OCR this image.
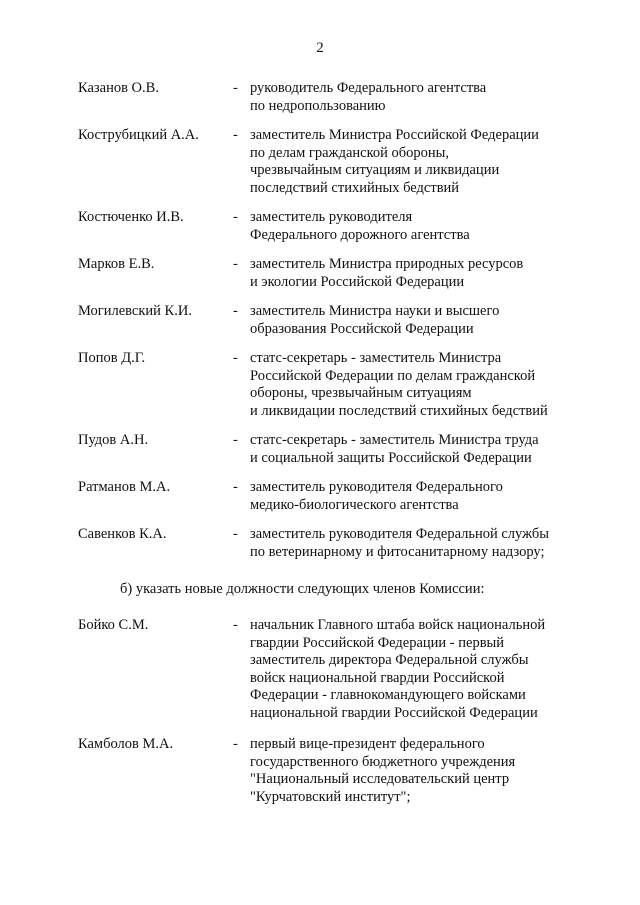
2
Казанов О.В.	- руководитель Федерального агентства
по недропользованию
Кострубицкий А.А. - заместитель Министра Российской Федерации
по делам гражданской обороны,
чрезвычайным ситуациям и ликвидации
последствий стихийных бедствий
Костюченко И.В.	- заместитель руководителя
Федерального дорожного агентства
Марков Е.В.	- заместитель Министра природных ресурсов
и экологии Российской Федерации
Могилевский К.И.	- заместитель Министра науки и высшего
образования Российской Федерации
Попов Д.Г.	- статс-секретарь - заместитель Министра
Российской Федерации по делам гражданской
обороны, чрезвычайным ситуациям
и ликвидации последствий стихийных бедствий
Пудов А.Н.	- статс-секретарь - заместитель Министра труда
и социальной защиты Российской Федерации
Ратманов М.А.	- заместитель руководителя Федерального
медико-биологического агентства
Савенков К.А.	- заместитель руководителя Федеральной службы
по ветеринарному и фитосанитарному надзору;
б) указать новые должности следующих членов Комиссии:
Бойко С.М.	- начальник Главного штаба войск национальной
гвардии Российской Федерации - первый
заместитель директора Федеральной службы
войск национальной гвардии Российской
Федерации - главнокомандующего войсками
национальной гвардии Российской Федерации
Камболов М.А.	- первый вице-президент федерального
государственного бюджетного учреждения
"Национальный исследовательский центр
"Курчатовский институт";
